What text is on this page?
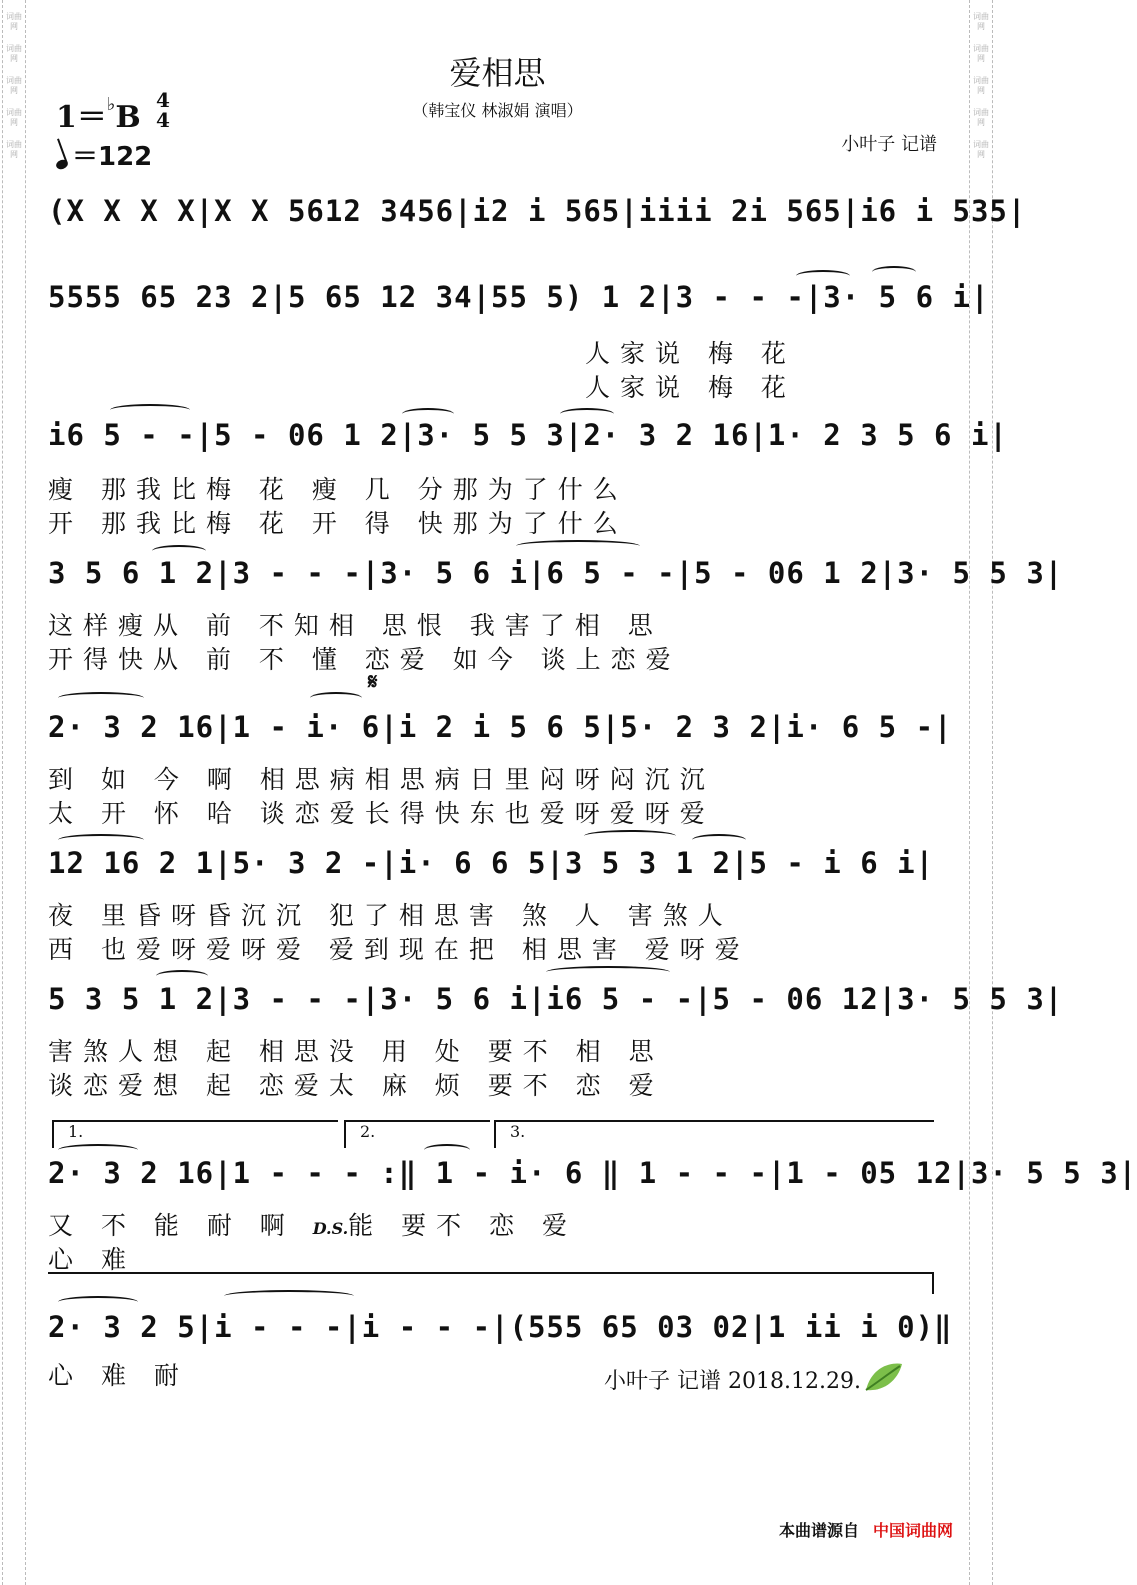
词曲网
词曲网
词曲网
词曲网
词曲网
词曲网
词曲网
词曲网
词曲网
词曲网
爱相思
（韩宝仪 林淑娟 演唱）
1＝♭B 4
4
＝122	小叶子 记谱
(X X X X|X X 5612 3456|i2 i 565|iiii 2i 565|i6 i 535|
5555 65 23 2|5 65 12 34|55 5) 1 2|3 - - -|3· 5 6 i|
人家说 梅 花
人家说 梅 花
i6 5 - -|5 - 06 1 2|3· 5 5 3|2· 3 2 16|1· 2 3 5 6 i|
瘦 那我比梅 花 瘦 几 分那为了什么
开 那我比梅 花 开 得 快那为了什么
3 5 6 1 2|3 - - -|3· 5 6 i|6 5 - -|5 - 06 1 2|3· 5 5 3|
这样瘦从 前 不知相 思恨 我害了相 思
开得快从 前 不 懂 恋爱 如今 谈上恋爱
𝄋
2· 3 2 16|1 - i· 6|i 2 i 5 6 5|5· 2 3 2|i· 6 5 -|
到 如 今 啊 相思病相思病日里闷呀闷沉沉
太 开 怀 哈 谈恋爱长得快东也爱呀爱呀爱
12 16 2 1|5· 3 2 -|i· 6 6 5|3 5 3 1 2|5 - i 6 i|
夜 里昏呀昏沉沉 犯了相思害 煞 人 害煞人
西 也爱呀爱呀爱 爱到现在把 相思害 爱呀爱
5 3 5 1 2|3 - - -|3· 5 6 i|i6 5 - -|5 - 06 12|3· 5 5 3|
害煞人想 起 相思没 用 处 要不 相 思
谈恋爱想 起 恋爱太 麻 烦 要不 恋 爱
1.	2.	3.
2· 3 2 16|1 - - - :‖ 1 - i· 6 ‖ 1 - - -|1 - 05 12|3· 5 5 3|
又 不 能 耐 啊 D.S.能 要不 恋 爱
心 难
2· 3 2 5|i - - -|i - - -|(555 65 03 02|1 ii i 0)‖
心 难 耐	小叶子 记谱 2018.12.29.
本曲谱源自 中国词曲网
